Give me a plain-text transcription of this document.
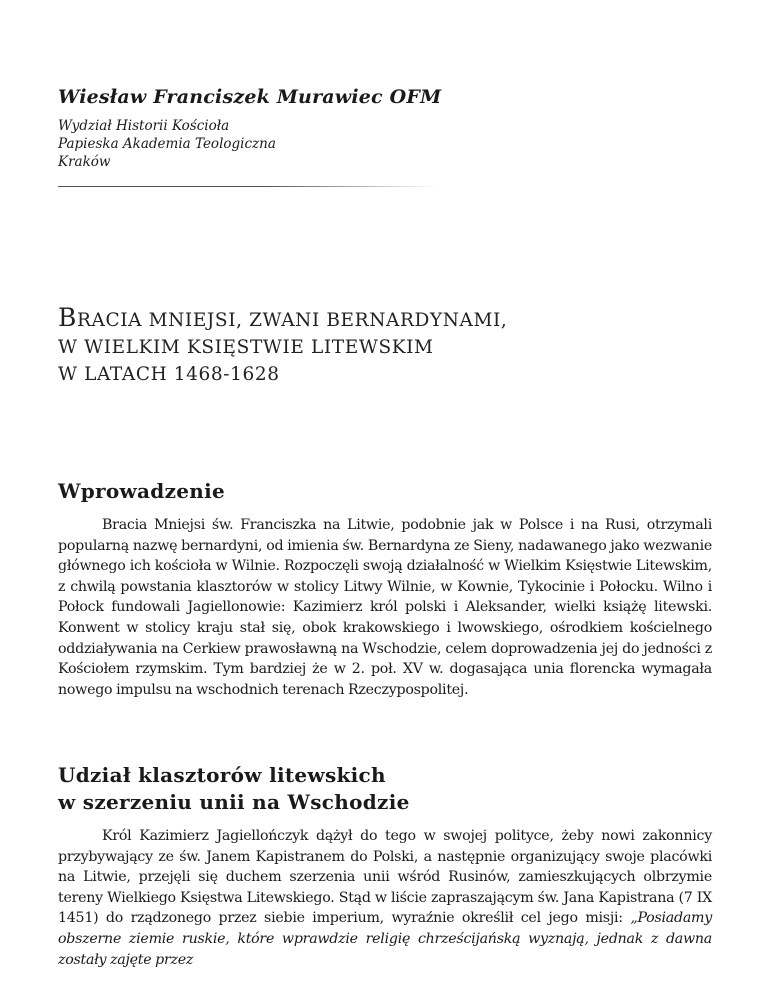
Wiesław Franciszek Murawiec OFM

Wydział Historii Kościoła
Papieska Akademia Teologiczna
Kraków
BRACIA MNIEJSI, ZWANI BERNARDYNAMI,
W WIELKIM KSIĘSTWIE LITEWSKIM
W LATACH 1468-1628
Wprowadzenie

Bracia Mniejsi św. Franciszka na Litwie, podobnie jak w Polsce i na Rusi, otrzymali popularną nazwę bernardyni, od imienia św. Bernardyna ze Sieny, nadawanego jako wezwanie głównego ich kościoła w Wilnie. Rozpoczęli swoją działalność w Wielkim Księstwie Litewskim, z chwilą powstania klasztorów w stolicy Litwy Wilnie, w Kownie, Tykocinie i Połocku. Wilno i Połock fundowali Jagiellonowie: Kazimierz król polski i Aleksander, wielki książę litewski. Konwent w stolicy kraju stał się, obok krakowskiego i lwowskiego, ośrodkiem kościelnego oddziaływania na Cerkiew prawosławną na Wschodzie, celem doprowadzenia jej do jedności z Kościołem rzymskim. Tym bardziej że w 2. poł. XV w. dogasająca unia florencka wymagała nowego impulsu na wschodnich terenach Rzeczypospolitej.

Udział klasztorów litewskich
w szerzeniu unii na Wschodzie

Król Kazimierz Jagiellończyk dążył do tego w swojej polityce, żeby nowi zakonnicy przybywający ze św. Janem Kapistranem do Polski, a następnie organizujący swoje placówki na Litwie, przejęli się duchem szerzenia unii wśród Rusinów, zamieszkujących olbrzymie tereny Wielkiego Księstwa Litewskiego. Stąd w liście zapraszającym św. Jana Kapistrana (7 IX 1451) do rządzonego przez siebie imperium, wyraźnie określił cel jego misji: „Posiadamy obszerne ziemie ruskie, które wprawdzie religię chrześcijańską wyznają, jednak z dawna zostały zajęte przez
